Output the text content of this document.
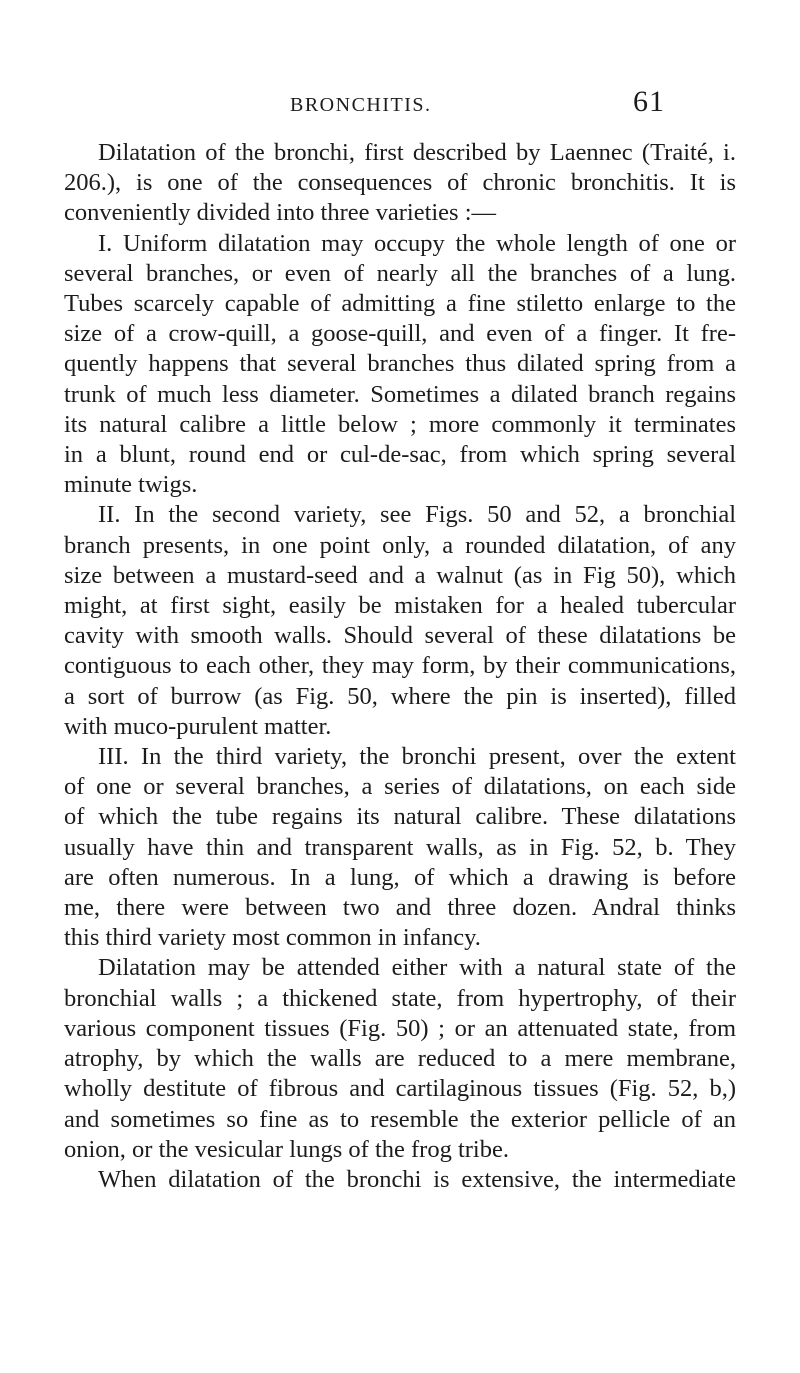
BRONCHITIS.	61

Dilatation of the bronchi, first described by Laennec (Traité, i.
206.), is one of the consequences of chronic bronchitis. It is
conveniently divided into three varieties :—

I. Uniform dilatation may occupy the whole length of one or
several branches, or even of nearly all the branches of a lung.
Tubes scarcely capable of admitting a fine stiletto enlarge to the
size of a crow-quill, a goose-quill, and even of a finger. It fre-
quently happens that several branches thus dilated spring from a
trunk of much less diameter. Sometimes a dilated branch regains
its natural calibre a little below ; more commonly it terminates
in a blunt, round end or cul-de-sac, from which spring several
minute twigs.

II. In the second variety, see Figs. 50 and 52, a bronchial
branch presents, in one point only, a rounded dilatation, of any
size between a mustard-seed and a walnut (as in Fig 50), which
might, at first sight, easily be mistaken for a healed tubercular
cavity with smooth walls. Should several of these dilatations be
contiguous to each other, they may form, by their communications,
a sort of burrow (as Fig. 50, where the pin is inserted), filled
with muco-purulent matter.

III. In the third variety, the bronchi present, over the extent
of one or several branches, a series of dilatations, on each side
of which the tube regains its natural calibre. These dilatations
usually have thin and transparent walls, as in Fig. 52, b. They
are often numerous. In a lung, of which a drawing is before
me, there were between two and three dozen. Andral thinks
this third variety most common in infancy.

Dilatation may be attended either with a natural state of the
bronchial walls ; a thickened state, from hypertrophy, of their
various component tissues (Fig. 50) ; or an attenuated state, from
atrophy, by which the walls are reduced to a mere membrane,
wholly destitute of fibrous and cartilaginous tissues (Fig. 52, b,)
and sometimes so fine as to resemble the exterior pellicle of an
onion, or the vesicular lungs of the frog tribe.

When dilatation of the bronchi is extensive, the intermediate
